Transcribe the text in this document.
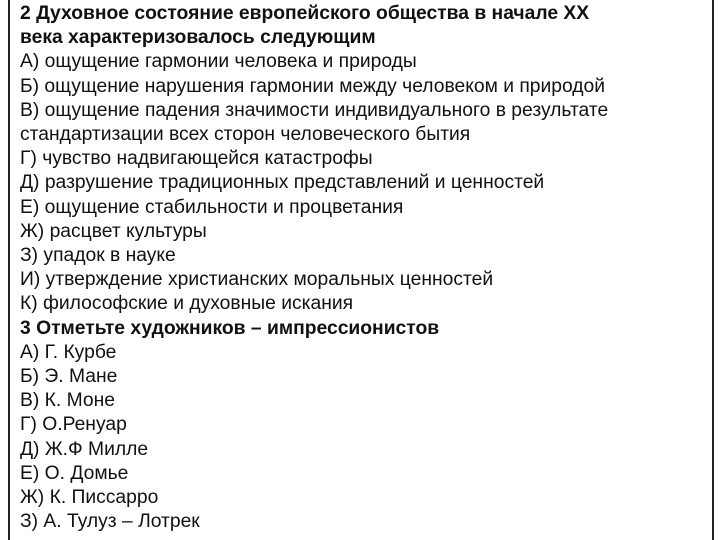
2 Духовное состояние европейского общества в начале XX
века характеризовалось следующим
А) ощущение гармонии человека и природы
Б) ощущение нарушения гармонии между человеком и природой
В) ощущение падения значимости индивидуального в результате
стандартизации всех сторон человеческого бытия
Г) чувство надвигающейся катастрофы
Д) разрушение традиционных представлений и ценностей
Е) ощущение стабильности и процветания
Ж) расцвет культуры
З) упадок в науке
И) утверждение христианских моральных ценностей
К) философские и духовные искания
3 Отметьте художников – импрессионистов
А) Г. Курбе
Б) Э. Мане
В) К. Моне
Г) О.Ренуар
Д) Ж.Ф Милле
Е) О. Домье
Ж) К. Писсарро
З) А. Тулуз – Лотрек
